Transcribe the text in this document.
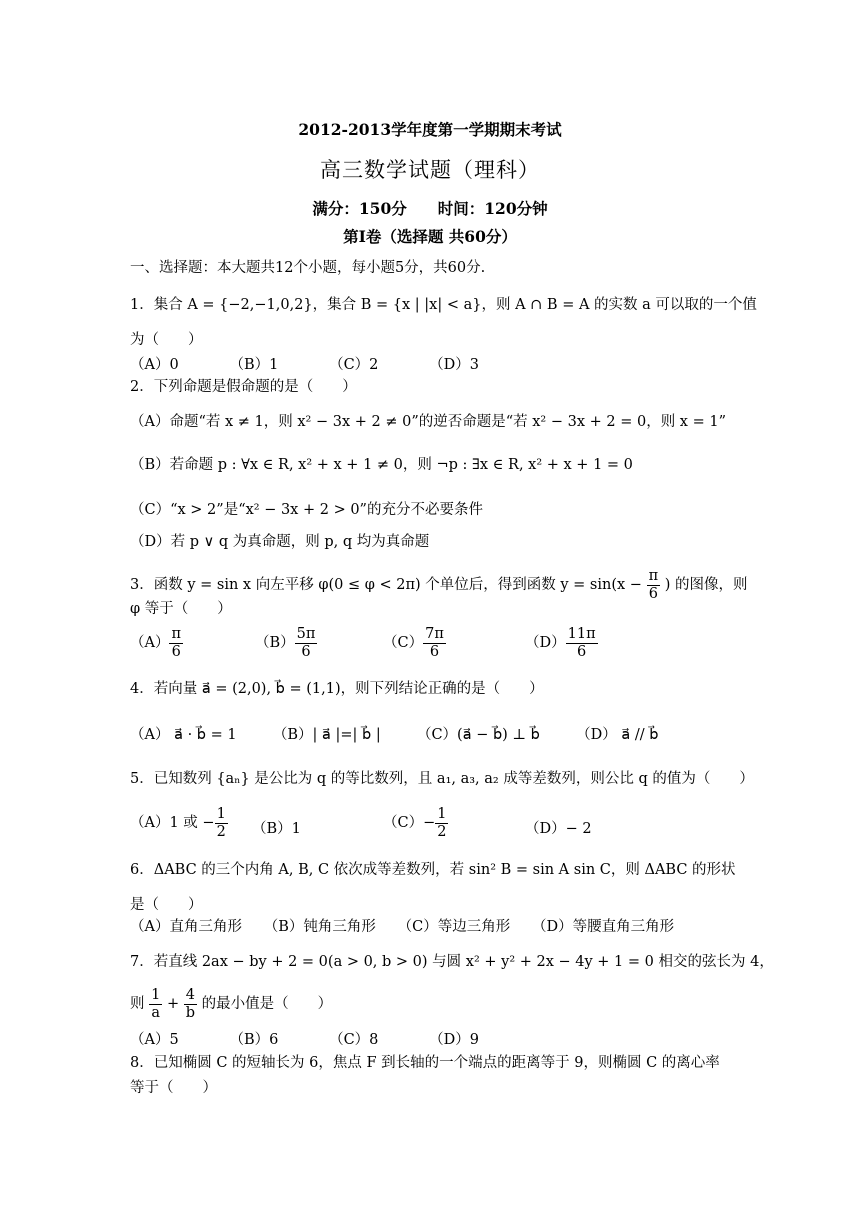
2012-2013学年度第一学期期末考试
高三数学试题（理科）
满分：150分　　时间：120分钟
第Ⅰ卷（选择题 共60分）
一、选择题：本大题共12个小题，每小题5分，共60分.
1．集合 A = {−2,−1,0,2}，集合 B = {x | |x| < a}，则 A ∩ B = A 的实数 a 可以取的一个值
为（　　）
（A）0　　　　（B）1　　　　（C）2　　　　（D）3
2．下列命题是假命题的是（　　）
（A）命题“若 x ≠ 1，则 x² − 3x + 2 ≠ 0”的逆否命题是“若 x² − 3x + 2 = 0，则 x = 1”
（B）若命题 p : ∀x ∈ R, x² + x + 1 ≠ 0，则 ¬p : ∃x ∈ R, x² + x + 1 = 0
（C）“x > 2”是“x² − 3x + 2 > 0”的充分不必要条件
（D）若 p ∨ q 为真命题，则 p, q 均为真命题
3．函数 y = sin x 向左平移 φ(0 ≤ φ < 2π) 个单位后，得到函数 $y = \sin(x - \frac{\pi}{6}$ ) 的图像，则
φ 等于（　　）
$(A) \frac{\pi}{6}$	$(B) \frac{5\pi}{6}$	$(C) \frac{7\pi}{6}$	$(D) \frac{11\pi}{6}$
4．若向量 a⃗ = (2,0), b⃗ = (1,1)，则下列结论正确的是（　　）
（A） a⃗ · b⃗ = 1　　　（B）| a⃗ |=| b⃗ |　　　（C）(a⃗ − b⃗) ⊥ b⃗　　　（D） a⃗ // b⃗
5．已知数列 {aₙ} 是公比为 q 的等比数列，且 a₁, a₃, a₂ 成等差数列，则公比 q 的值为（　　）
（A）1 或 − $\frac{1}{2} (B)1$	$(C)- \frac{1}{2}$	（D）− 2
6．ΔABC 的三个内角 A, B, C 依次成等差数列，若 sin² B = sin A sin C，则 ΔABC 的形状
是（　　）
（A）直角三角形　　（B）钝角三角形　　（C）等边三角形　　（D）等腰直角三角形
7．若直线 2ax − by + 2 = 0(a > 0, b > 0) 与圆 x² + y² + 2x − 4y + 1 = 0 相交的弦长为 4，
则 $\frac{1}{a} + \frac{4}{b}$ 的最小值是（　　）
（A）5　　　　（B）6　　　　（C）8　　　　（D）9
8．已知椭圆 C 的短轴长为 6，焦点 F 到长轴的一个端点的距离等于 9，则椭圆 C 的离心率
等于（　　）
